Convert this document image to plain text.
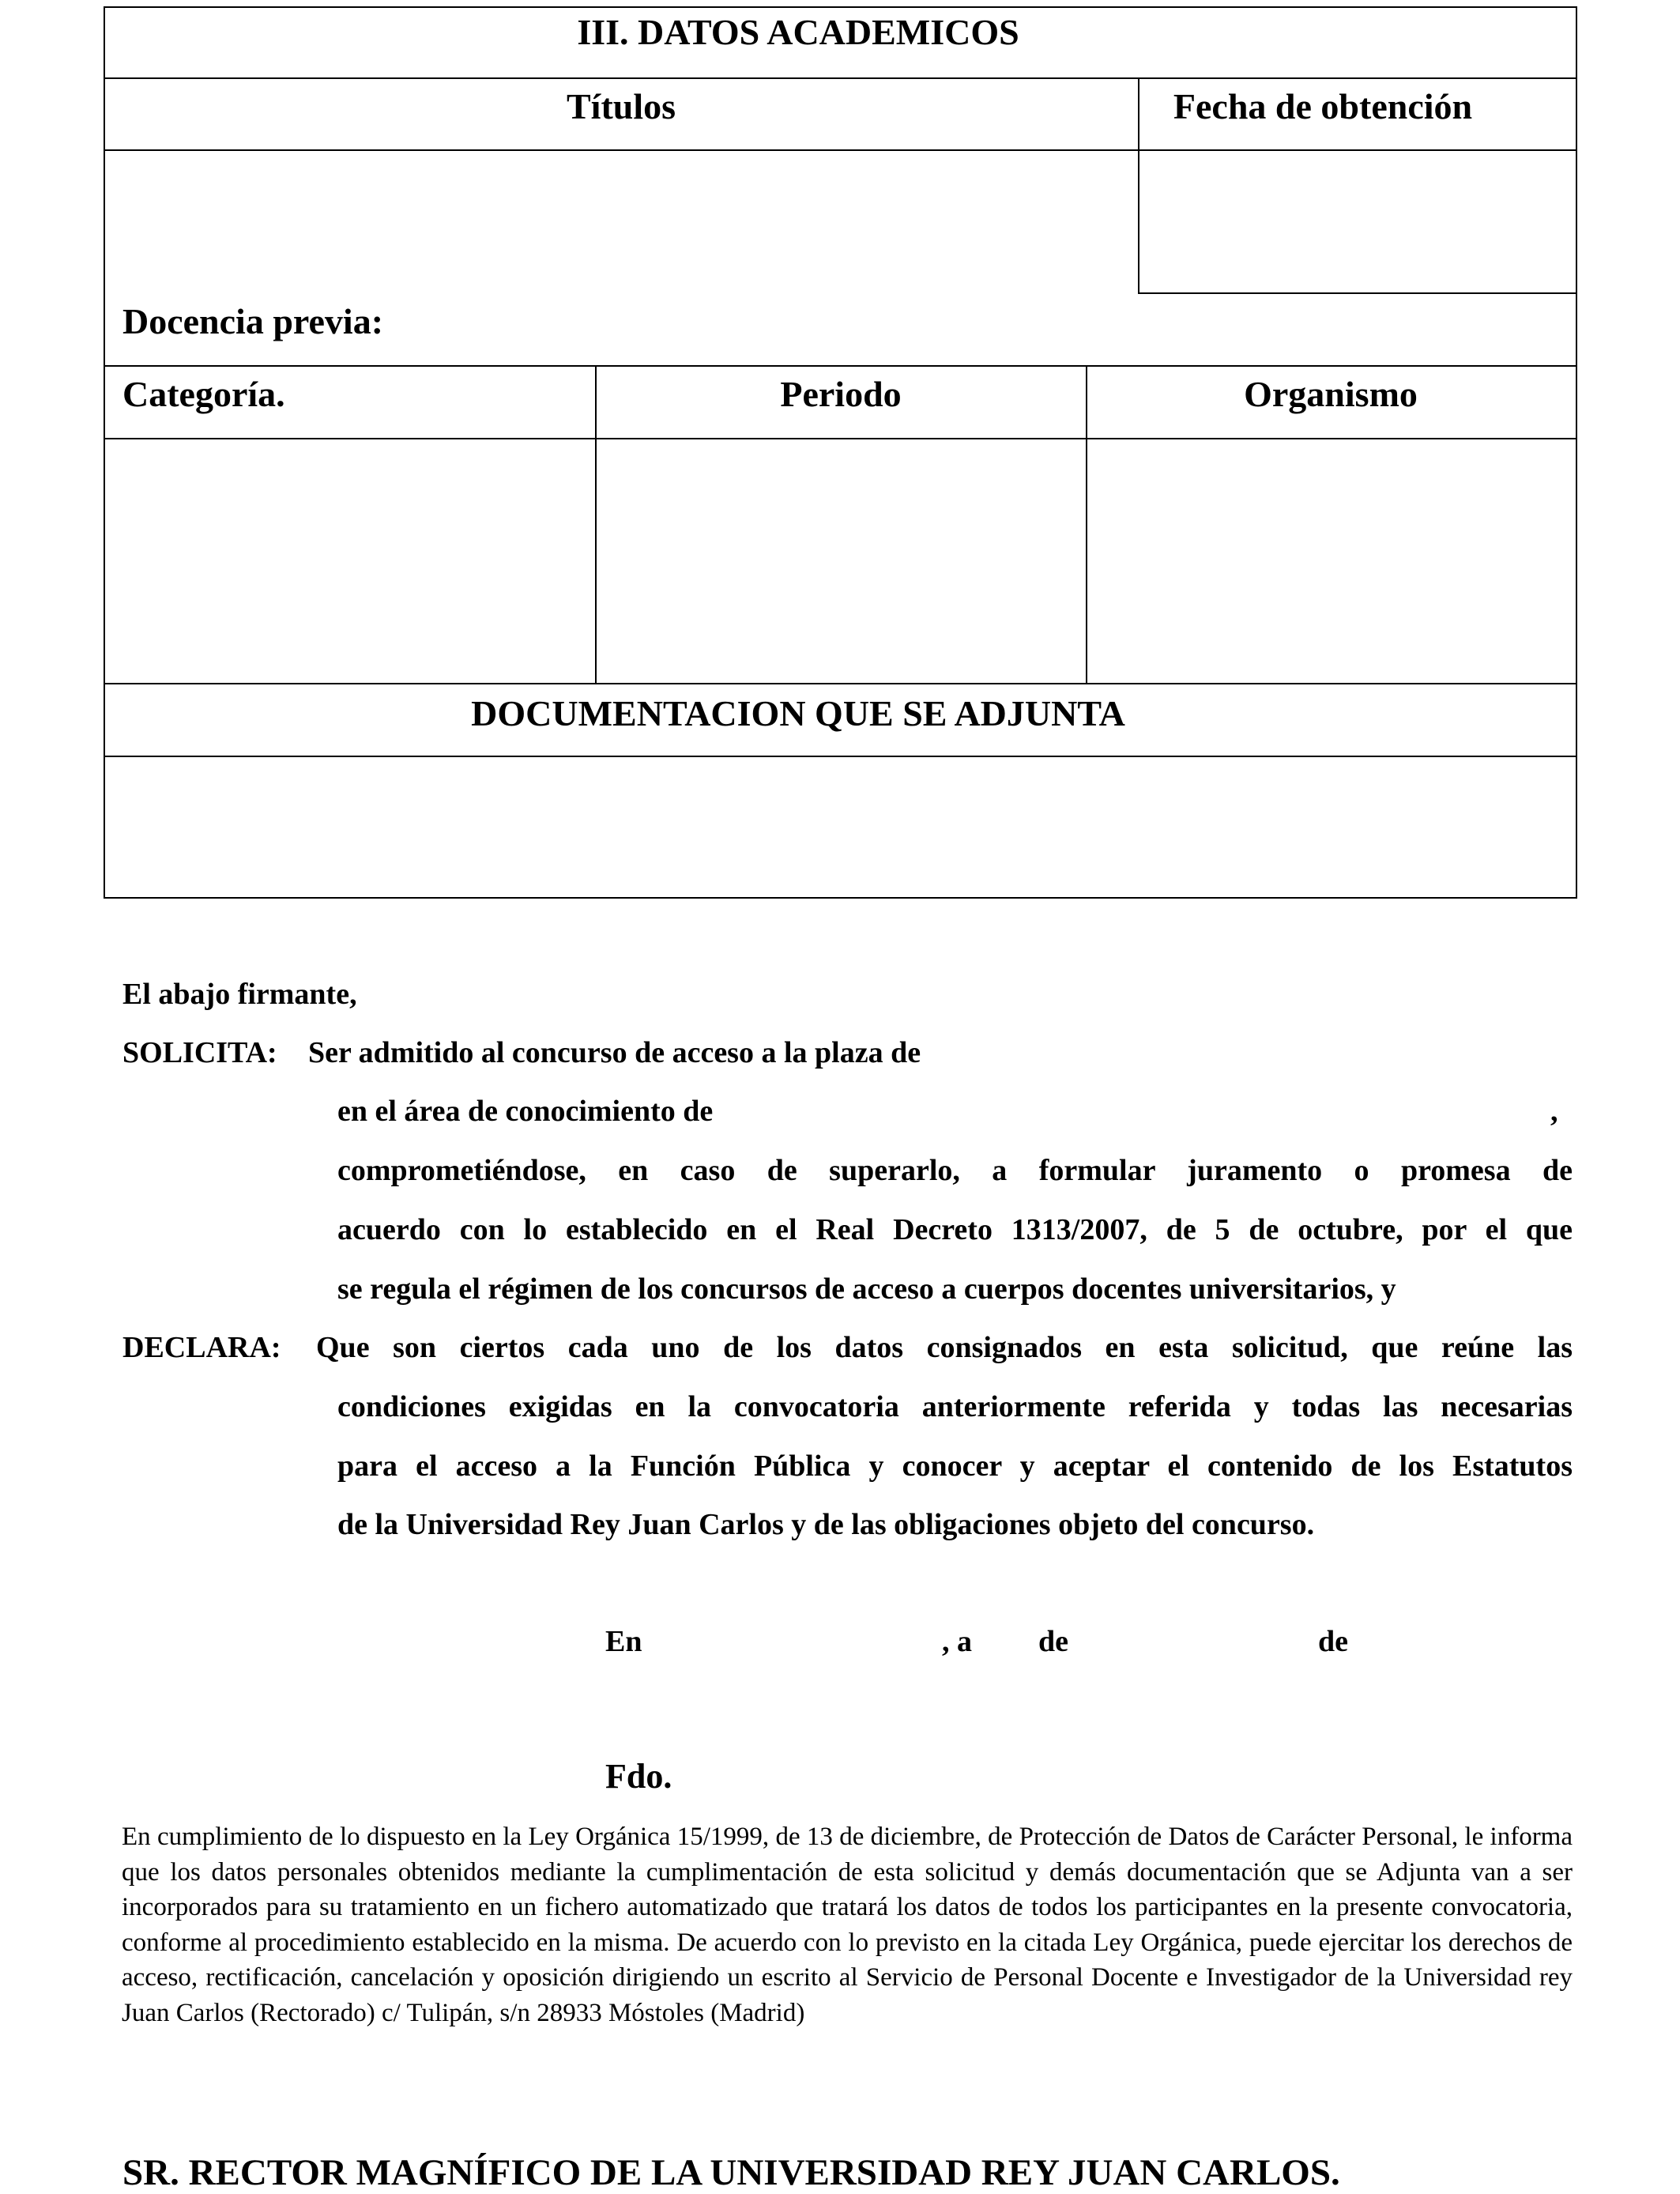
III. DATOS ACADEMICOS
Títulos	Fecha de obtención
Docencia previa:
Categoría.	Periodo	Organismo
DOCUMENTACION QUE SE ADJUNTA
El abajo firmante,
SOLICITA: Ser admitido al concurso de acceso a la plaza de
en el área de conocimiento de	,
comprometiéndose, en caso de superarlo, a formular juramento o promesa de
acuerdo con lo establecido en el Real Decreto 1313/2007, de 5 de octubre, por el que
se regula el régimen de los concursos de acceso a cuerpos docentes universitarios, y
DECLARA: Que son ciertos cada uno de los datos consignados en esta solicitud, que reúne las
condiciones exigidas en la convocatoria anteriormente referida y todas las necesarias
para el acceso a la Función Pública y conocer y aceptar el contenido de los Estatutos
de la Universidad Rey Juan Carlos y de las obligaciones objeto del concurso.
En	, a de	de
Fdo.
En cumplimiento de lo dispuesto en la Ley Orgánica 15/1999, de 13 de diciembre, de Protección de Datos de Carácter Personal, le informa que los datos personales obtenidos mediante la cumplimentación de esta solicitud y demás documentación que se Adjunta van a ser incorporados para su tratamiento en un fichero automatizado que tratará los datos de todos los participantes en la presente convocatoria, conforme al procedimiento establecido en la misma. De acuerdo con lo previsto en la citada Ley Orgánica, puede ejercitar los derechos de acceso, rectificación, cancelación y oposición dirigiendo un escrito al Servicio de Personal Docente e Investigador de la Universidad rey Juan Carlos (Rectorado) c/ Tulipán, s/n 28933 Móstoles (Madrid)
SR. RECTOR MAGNÍFICO DE LA UNIVERSIDAD REY JUAN CARLOS.
